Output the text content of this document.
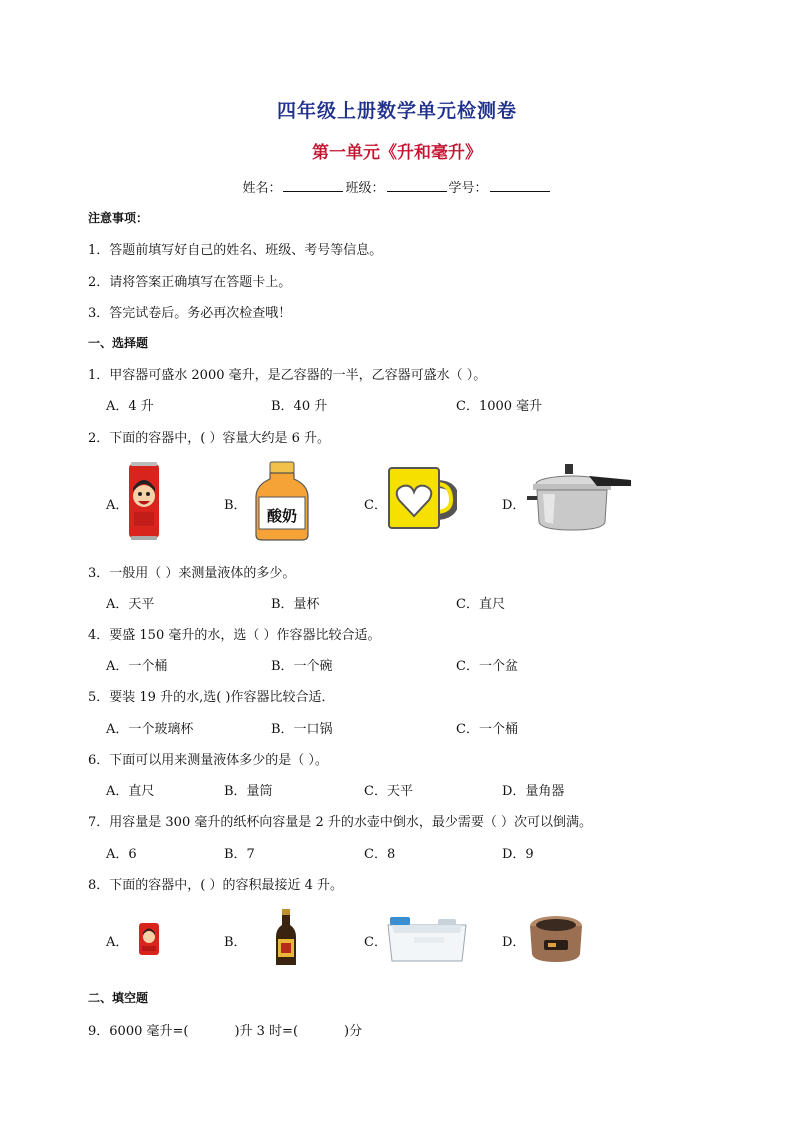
四年级上册数学单元检测卷
第一单元《升和毫升》
姓名：	班级：	学号：
注意事项：
1．答题前填写好自己的姓名、班级、考号等信息。
2．请将答案正确填写在答题卡上。
3．答完试卷后。务必再次检查哦！
一、选择题
1．甲容器可盛水 2000 毫升，是乙容器的一半，乙容器可盛水（ ）。
A．4 升	B．40 升	C．1000 毫升
2．下面的容器中，( ）容量大约是 6 升。
A．	B．
酸奶
C．	D．
3．一般用（ ）来测量液体的多少。
A．天平	B．量杯	C．直尺
4．要盛 150 毫升的水，选（ ）作容器比较合适。
A．一个桶	B．一个碗	C．一个盆
5．要装 19 升的水,选( )作容器比较合适．
A．一个玻璃杯	B．一口锅	C．一个桶
6．下面可以用来测量液体多少的是（ ）。
A．直尺	B．量筒	C．天平	D．量角器
7．用容量是 300 毫升的纸杯向容量是 2 升的水壶中倒水，最少需要（ ）次可以倒满。
A．6	B．7	C．8	D．9
8．下面的容器中，( ）的容积最接近 4 升。
A．	B．	C．	D．
二、填空题
9．6000 毫升=(	)升 3 时=(	)分
